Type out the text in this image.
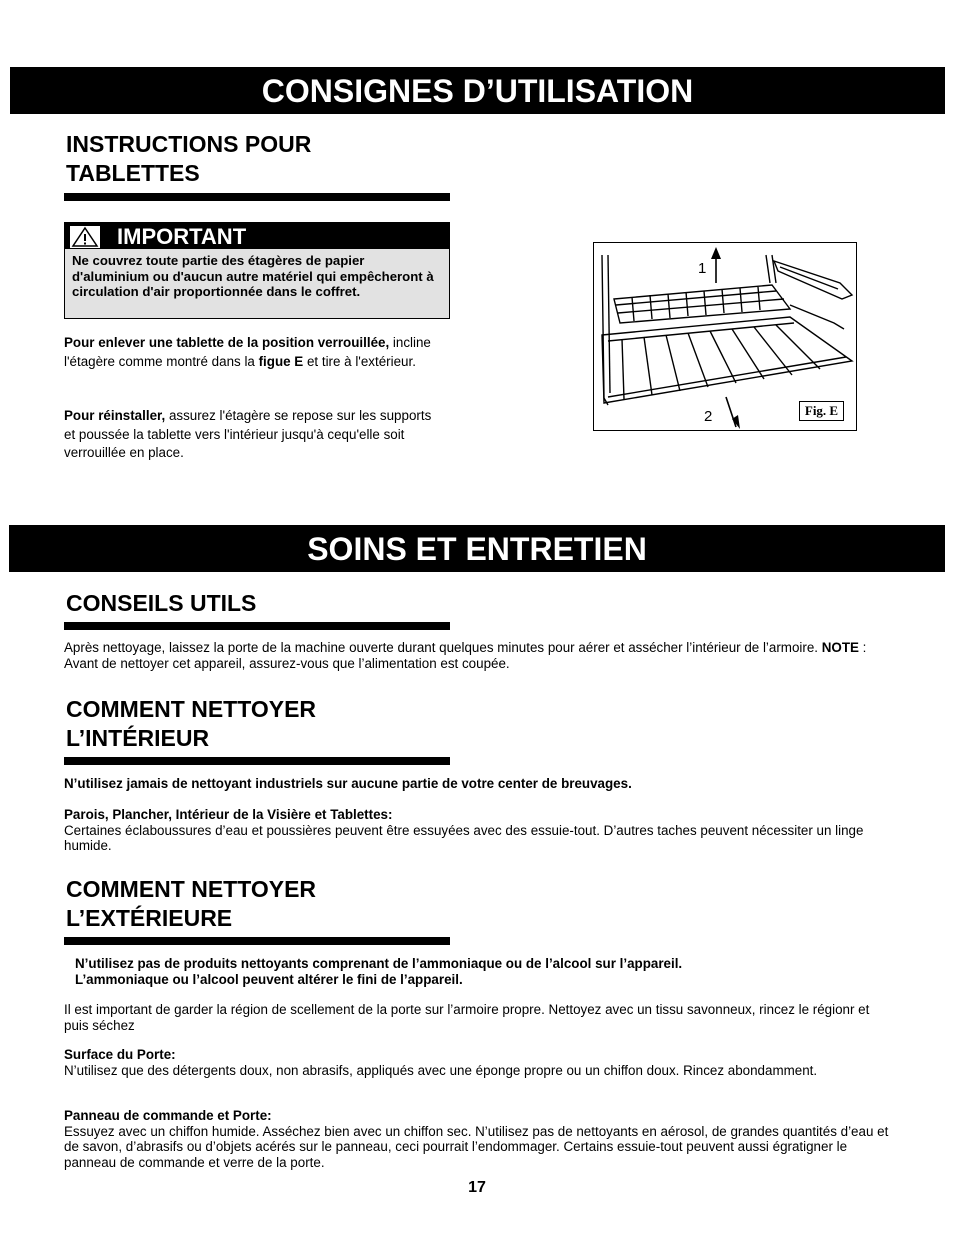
CONSIGNES D’UTILISATION
INSTRUCTIONS POUR
TABLETTES
IMPORTANT
Ne couvrez toute partie des étagères de papier d'aluminium ou d'aucun autre matériel qui empêcheront à circulation d'air proportionnée dans le coffret.
Pour enlever une tablette de la position verrouillée, incline l'étagère comme montré dans la figue E et tire à l'extérieur.
Pour réinstaller, assurez l'étagère se repose sur les supports et poussée la tablette vers l'intérieur jusqu'à cequ'elle soit verrouillée en place.
1
2	Fig. E
SOINS ET ENTRETIEN
CONSEILS UTILS
Après nettoyage, laissez la porte de la machine ouverte durant quelques minutes pour aérer et assécher l’intérieur de l’armoire. NOTE : Avant de nettoyer cet appareil, assurez-vous que l’alimentation est coupée.
COMMENT NETTOYER
L’INTÉRIEUR
N’utilisez jamais de nettoyant industriels sur aucune partie de votre center de breuvages.
Parois, Plancher, Intérieur de la Visière et Tablettes:
Certaines éclaboussures d’eau et poussières peuvent être essuyées avec des essuie-tout. D’autres taches peuvent nécessiter un linge humide.
COMMENT NETTOYER
L’EXTÉRIEURE
N’utilisez pas de produits nettoyants comprenant de l’ammoniaque ou de l’alcool sur l’appareil.
L’ammoniaque ou l’alcool peuvent altérer le fini de l’appareil.
Il est important de garder la région de scellement de la porte sur l’armoire propre. Nettoyez avec un tissu savonneux, rincez le régionr et puis séchez
Surface du Porte:
N’utilisez que des détergents doux, non abrasifs, appliqués avec une éponge propre ou un chiffon doux. Rincez abondamment.
Panneau de commande et Porte:
Essuyez avec un chiffon humide. Asséchez bien avec un chiffon sec. N’utilisez pas de nettoyants en aérosol, de grandes quantités d’eau et de savon, d’abrasifs ou d’objets acérés sur le panneau, ceci pourrait l’endommager. Certains essuie-tout peuvent aussi égratigner le panneau de commande et verre de la porte.
17
